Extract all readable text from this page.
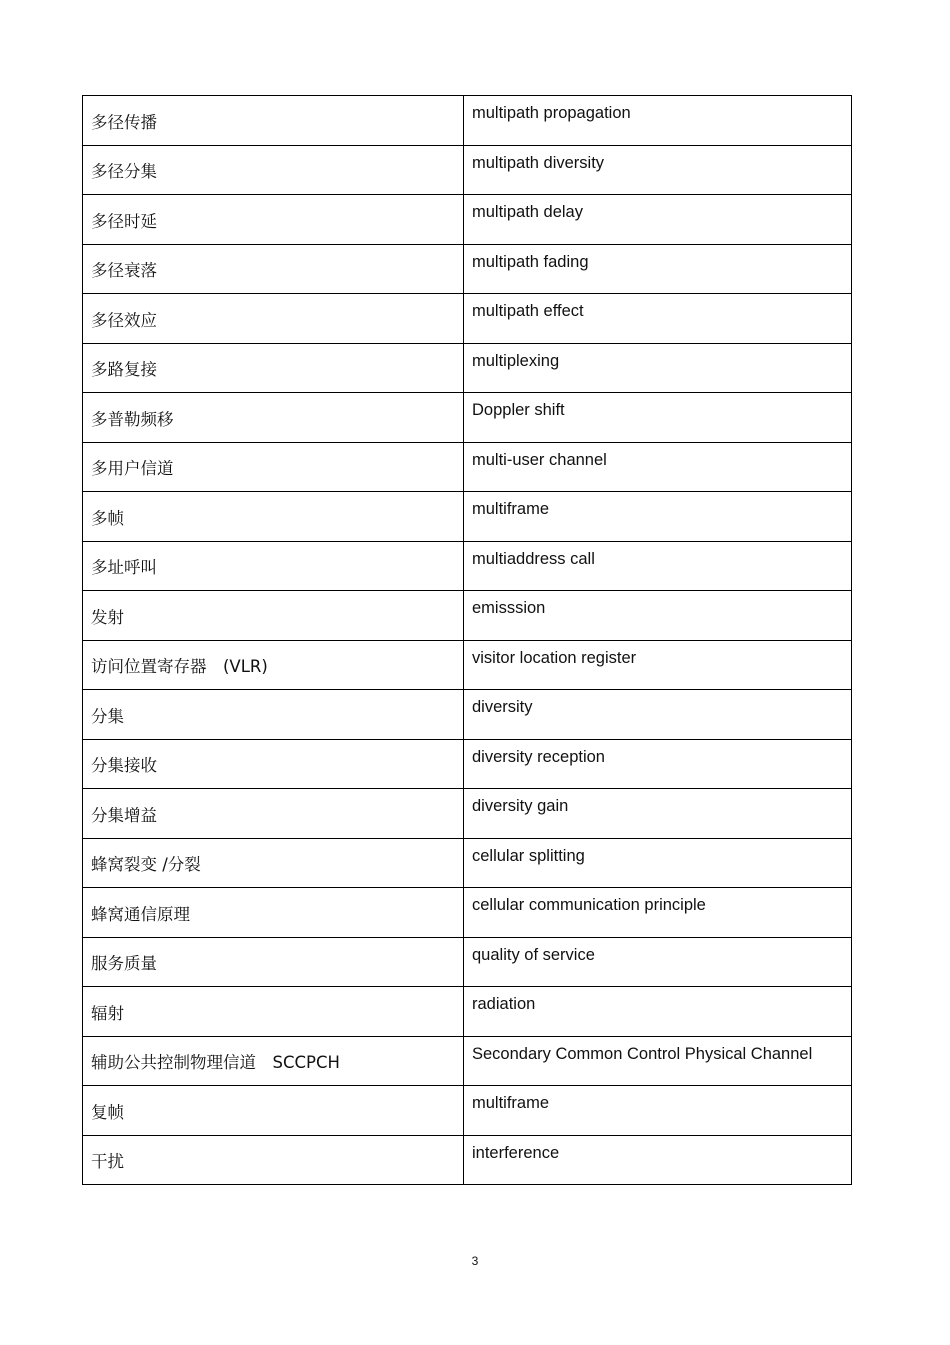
多径传播	multipath propagation
多径分集	multipath diversity
多径时延	multipath delay
多径衰落	multipath fading
多径效应	multipath effect
多路复接	multiplexing
多普勒频移	Doppler shift
多用户信道	multi-user channel
多帧	multiframe
多址呼叫	multiaddress call
发射	emisssion
访问位置寄存器　(VLR)	visitor location register
分集	diversity
分集接收	diversity reception
分集增益	diversity gain
蜂窝裂变 /分裂	cellular splitting
蜂窝通信原理	cellular communication principle
服务质量	quality of service
辐射	radiation
辅助公共控制物理信道　SCCPCH	Secondary Common Control Physical Channel
复帧	multiframe
干扰	interference
3
